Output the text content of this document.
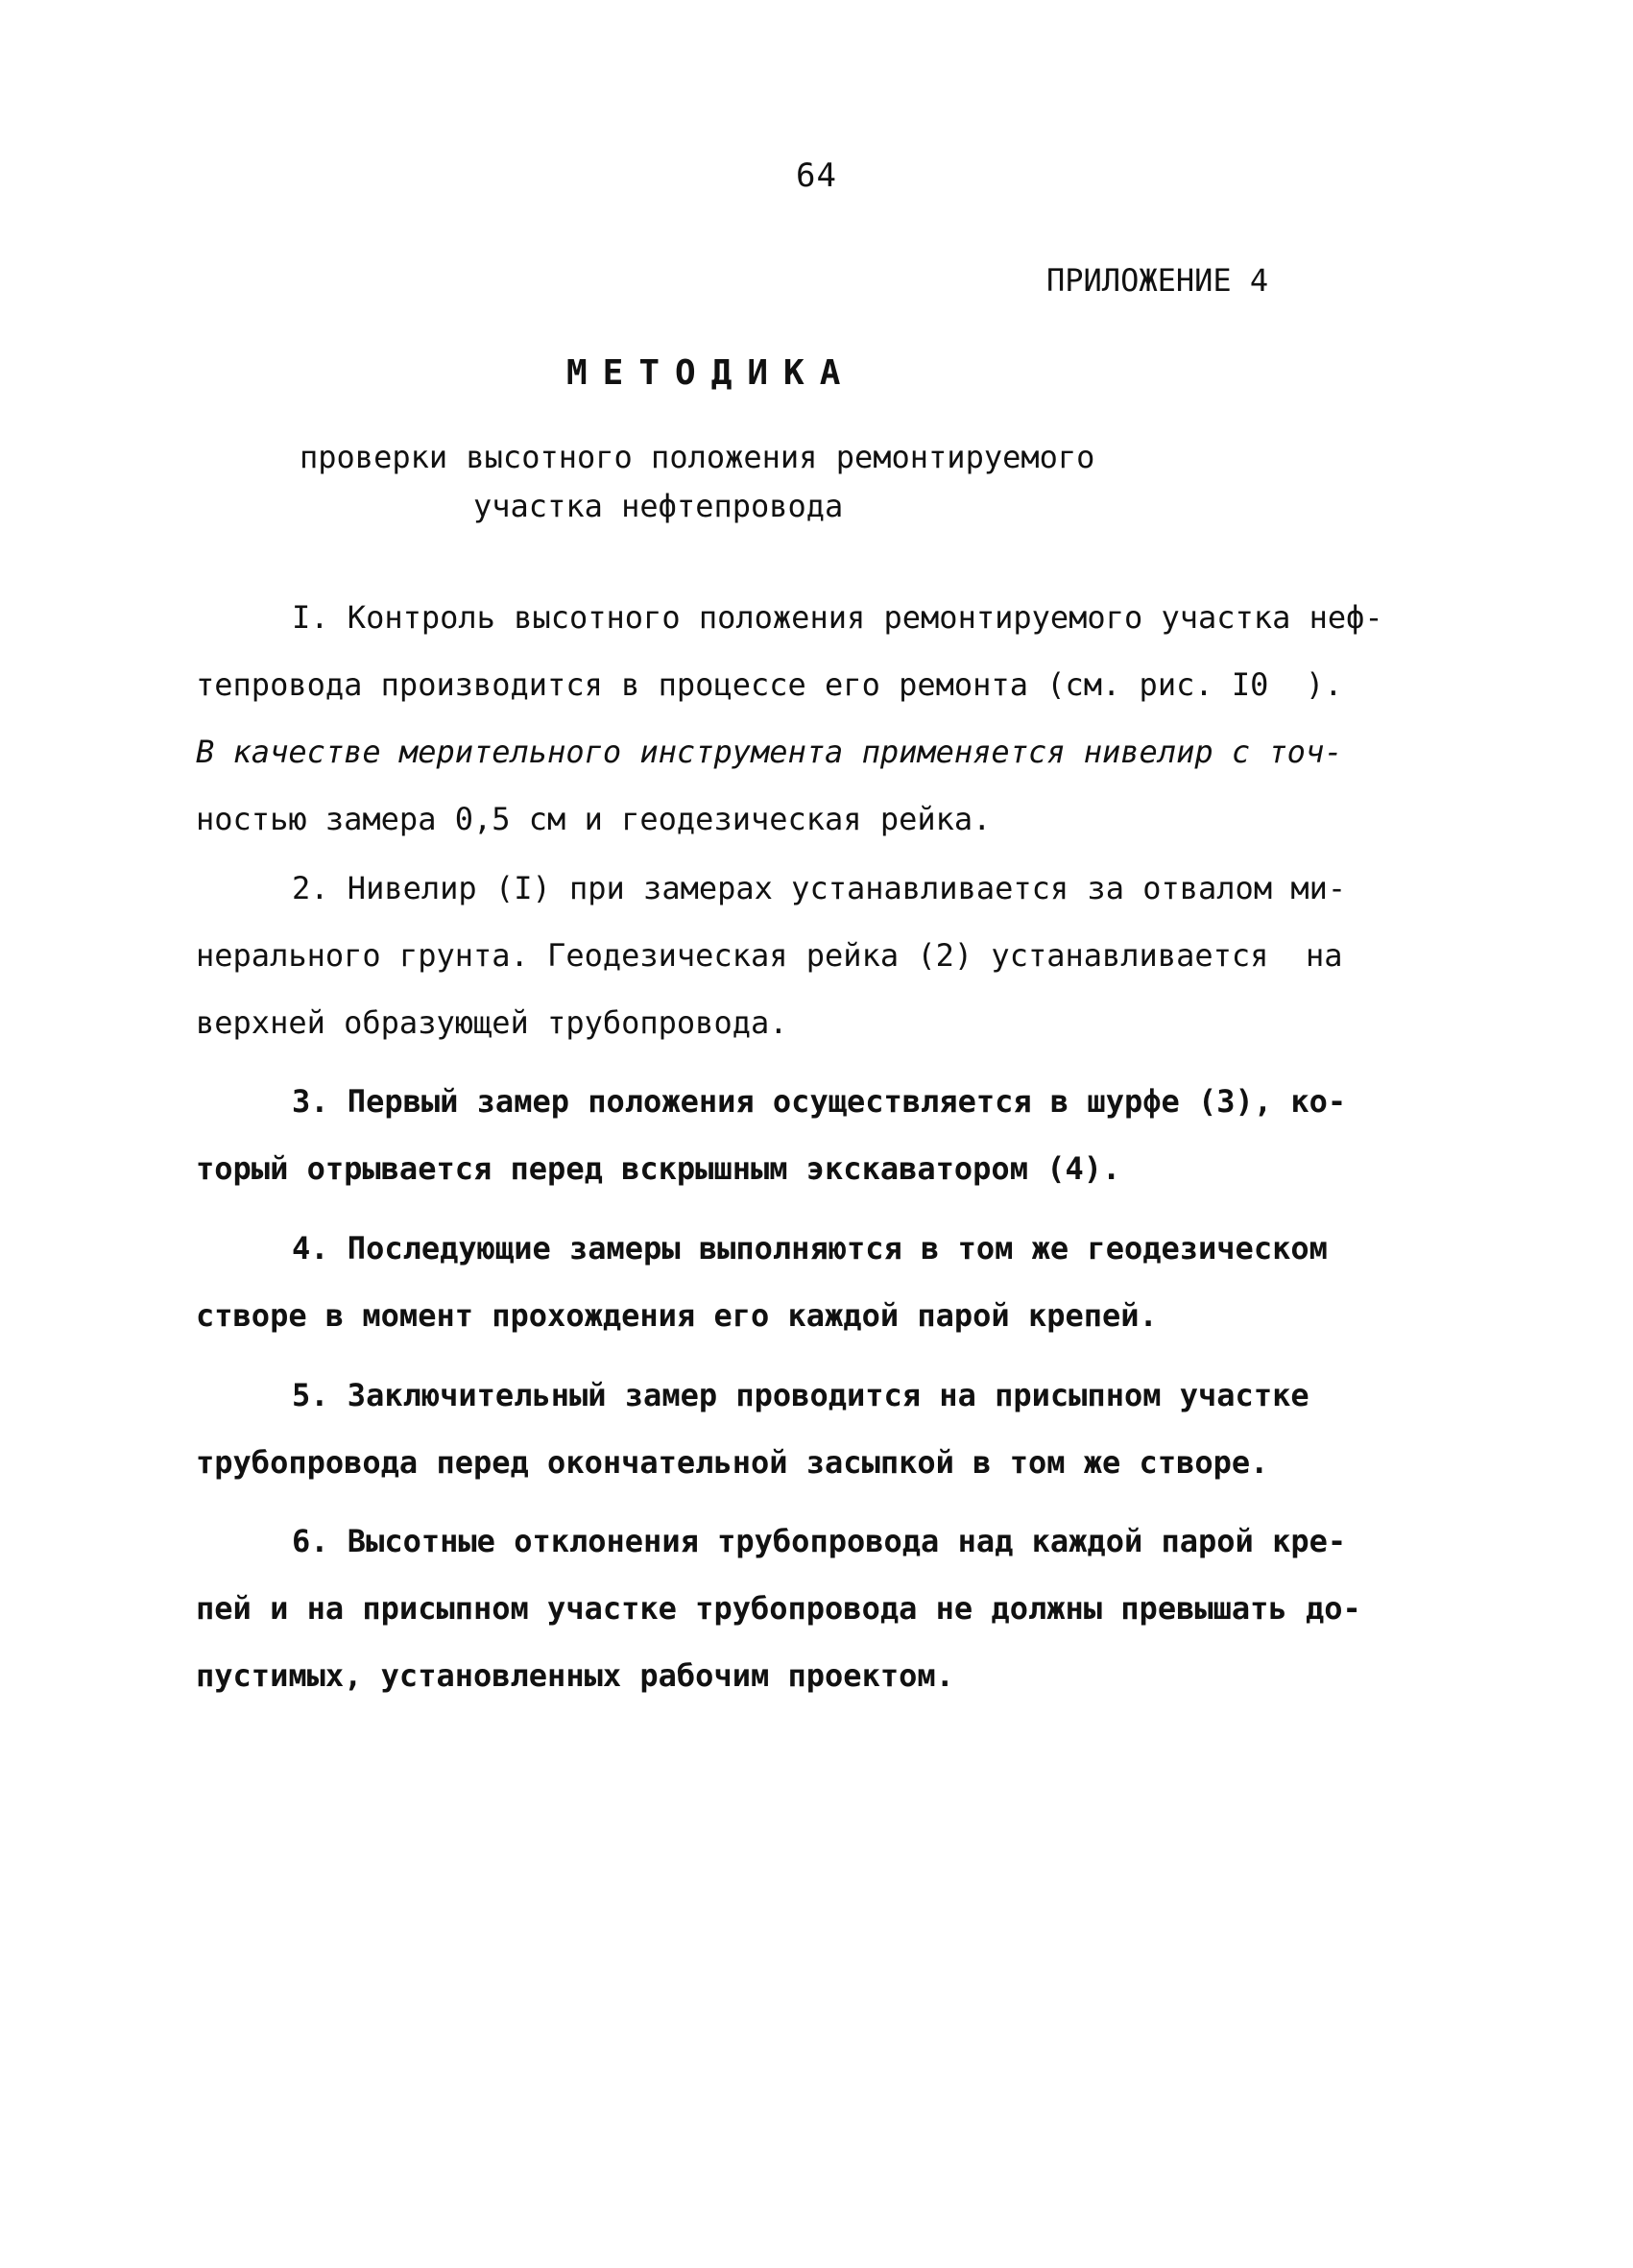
64
ПРИЛОЖЕНИЕ 4
МЕТОДИКА
проверки высотного положения ремонтируемого
участка нефтепровода
I. Контроль высотного положения ремонтируемого участка неф-
тепровода производится в процессе его ремонта (см. рис. I0  ).
В качестве мерительного инструмента применяется нивелир с точ-
ностью замера 0,5 см и геодезическая рейка.
2. Нивелир (I) при замерах устанавливается за отвалом ми-
нерального грунта. Геодезическая рейка (2) устанавливается  на
верхней образующей трубопровода.
3. Первый замер положения осуществляется в шурфе (3), ко-
торый отрывается перед вскрышным экскаватором (4).
4. Последующие замеры выполняются в том же геодезическом
створе в момент прохождения его каждой парой крепей.
5. Заключительный замер проводится на присыпном участке
трубопровода перед окончательной засыпкой в том же створе.
6. Высотные отклонения трубопровода над каждой парой кре-
пей и на присыпном участке трубопровода не должны превышать до-
пустимых, установленных рабочим проектом.
